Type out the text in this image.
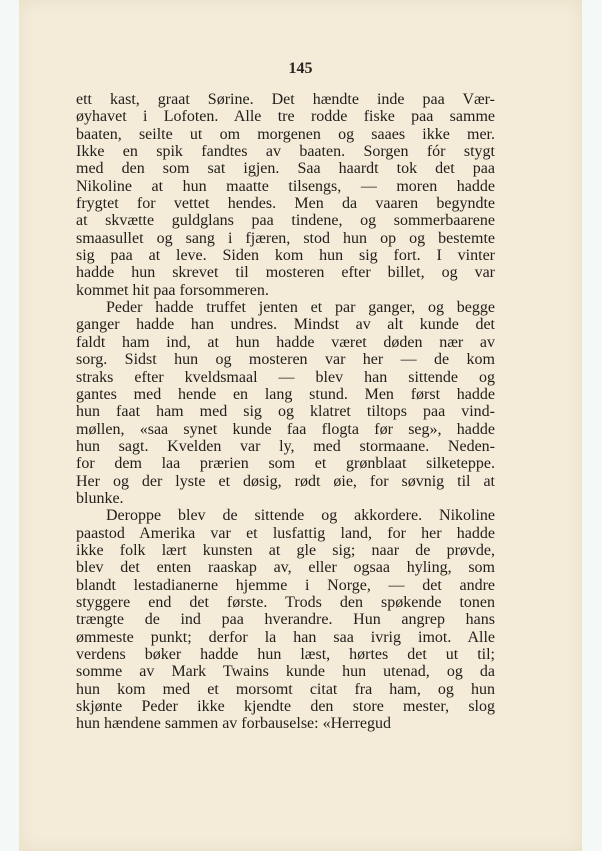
145

ett kast, graat Sørine. Det hændte inde paa Vær-

øyhavet i Lofoten. Alle tre rodde fiske paa samme

baaten, seilte ut om morgenen og saaes ikke mer.

Ikke en spik fandtes av baaten. Sorgen fór stygt

med den som sat igjen. Saa haardt tok det paa

Nikoline at hun maatte tilsengs, — moren hadde

frygtet for vettet hendes. Men da vaaren begyndte

at skvætte guldglans paa tindene, og sommerbaarene

smaasullet og sang i fjæren, stod hun op og bestemte

sig paa at leve. Siden kom hun sig fort. I vinter

hadde hun skrevet til mosteren efter billet, og var

kommet hit paa forsommeren.

Peder hadde truffet jenten et par ganger, og begge

ganger hadde han undres. Mindst av alt kunde det

faldt ham ind, at hun hadde været døden nær av

sorg. Sidst hun og mosteren var her — de kom

straks efter kveldsmaal — blev han sittende og

gantes med hende en lang stund. Men først hadde

hun faat ham med sig og klatret tiltops paa vind-

møllen, «saa synet kunde faa flogta før seg», hadde

hun sagt. Kvelden var ly, med stormaane. Neden-

for dem laa prærien som et grønblaat silketeppe.

Her og der lyste et døsig, rødt øie, for søvnig til at

blunke.

Deroppe blev de sittende og akkordere. Nikoline

paastod Amerika var et lusfattig land, for her hadde

ikke folk lært kunsten at gle sig; naar de prøvde,

blev det enten raaskap av, eller ogsaa hyling, som

blandt lestadianerne hjemme i Norge, — det andre

styggere end det første. Trods den spøkende tonen

trængte de ind paa hverandre. Hun angrep hans

ømmeste punkt; derfor la han saa ivrig imot. Alle

verdens bøker hadde hun læst, hørtes det ut til;

somme av Mark Twains kunde hun utenad, og da

hun kom med et morsomt citat fra ham, og hun

skjønte Peder ikke kjendte den store mester, slog

hun hændene sammen av forbauselse: «Herregud
